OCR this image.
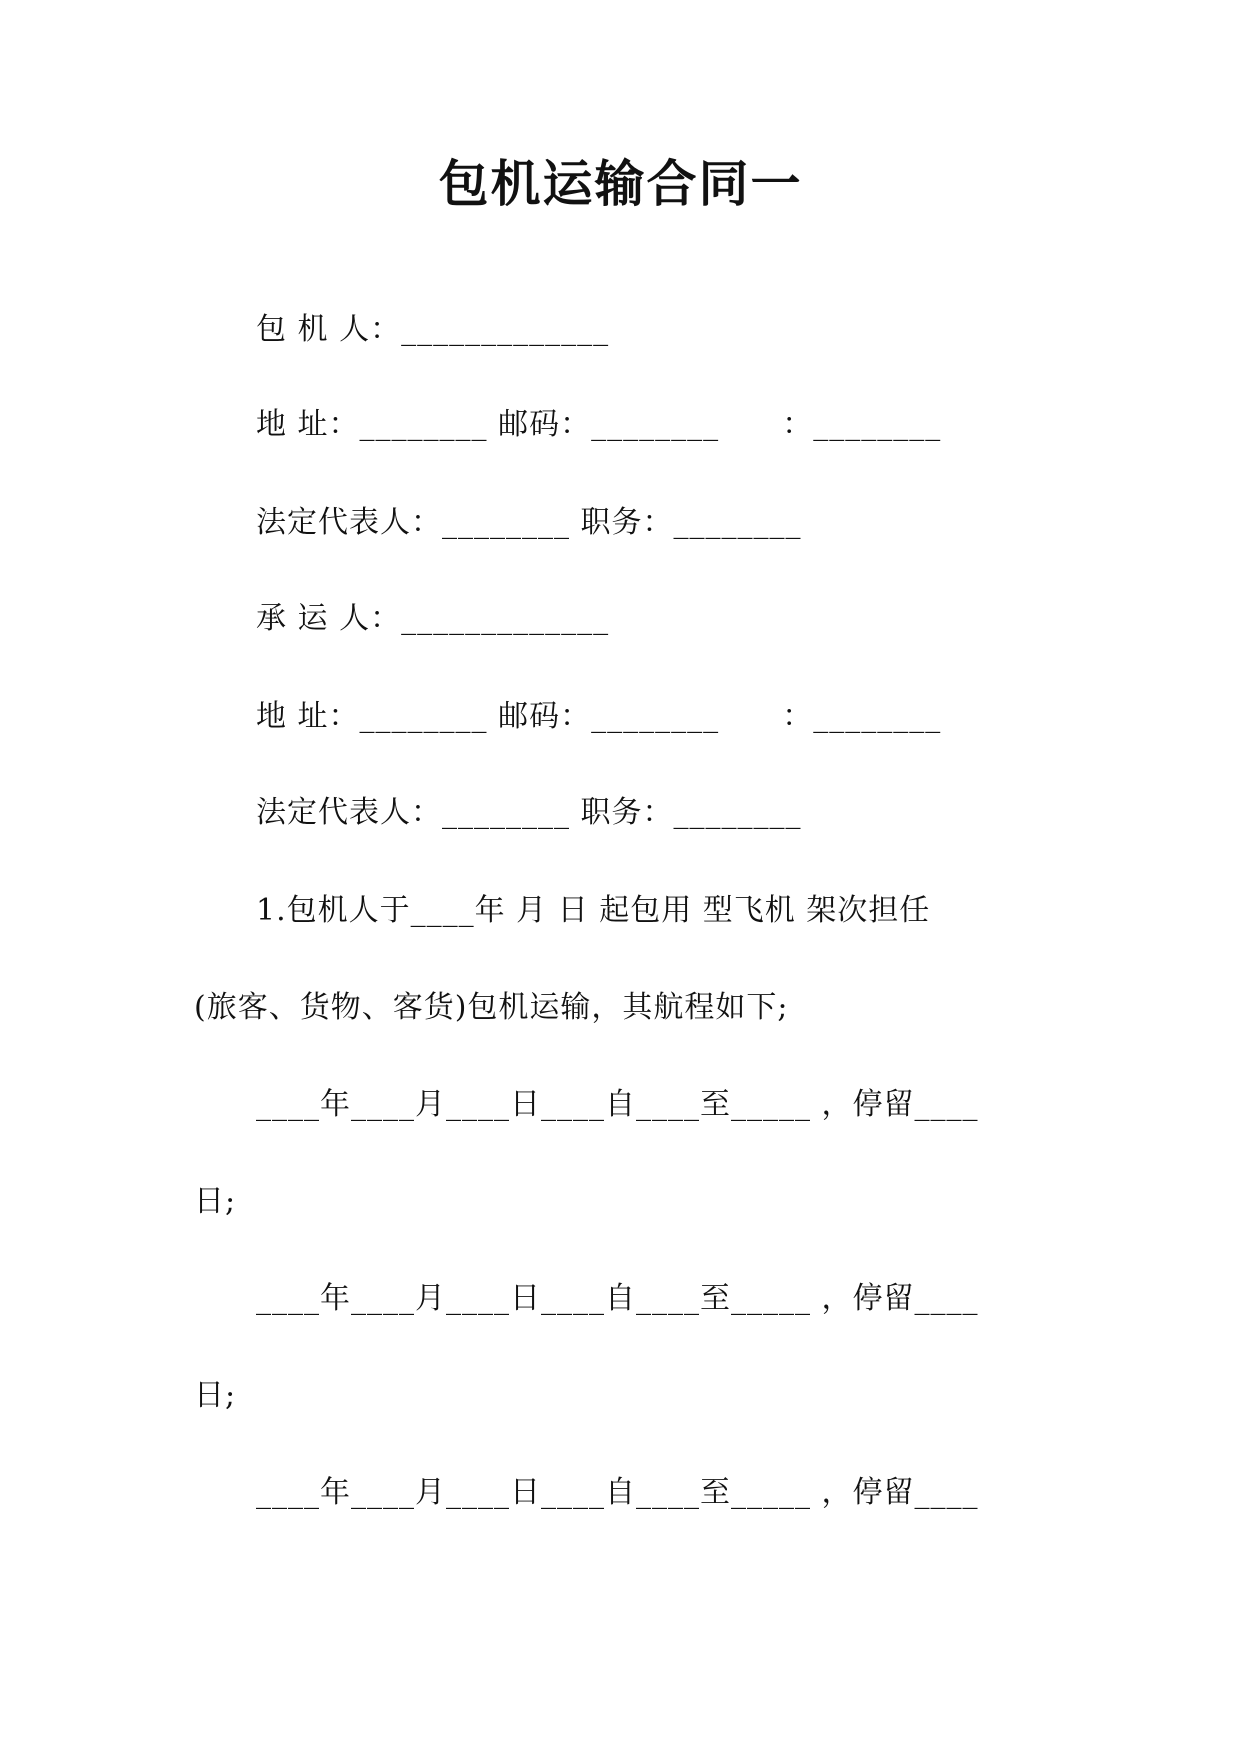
包机运输合同一
包 机 人：_____________
地 址：________ 邮码：________      ：________
法定代表人：________ 职务：________
承 运 人：_____________
地 址：________ 邮码：________      ：________
法定代表人：________ 职务：________
1.包机人于____年 月 日 起包用 型飞机 架次担任
(旅客、货物、客货)包机运输，其航程如下;
____年____月____日____自____至_____ ，停留____
日;
____年____月____日____自____至_____ ，停留____
日;
____年____月____日____自____至_____ ，停留____
